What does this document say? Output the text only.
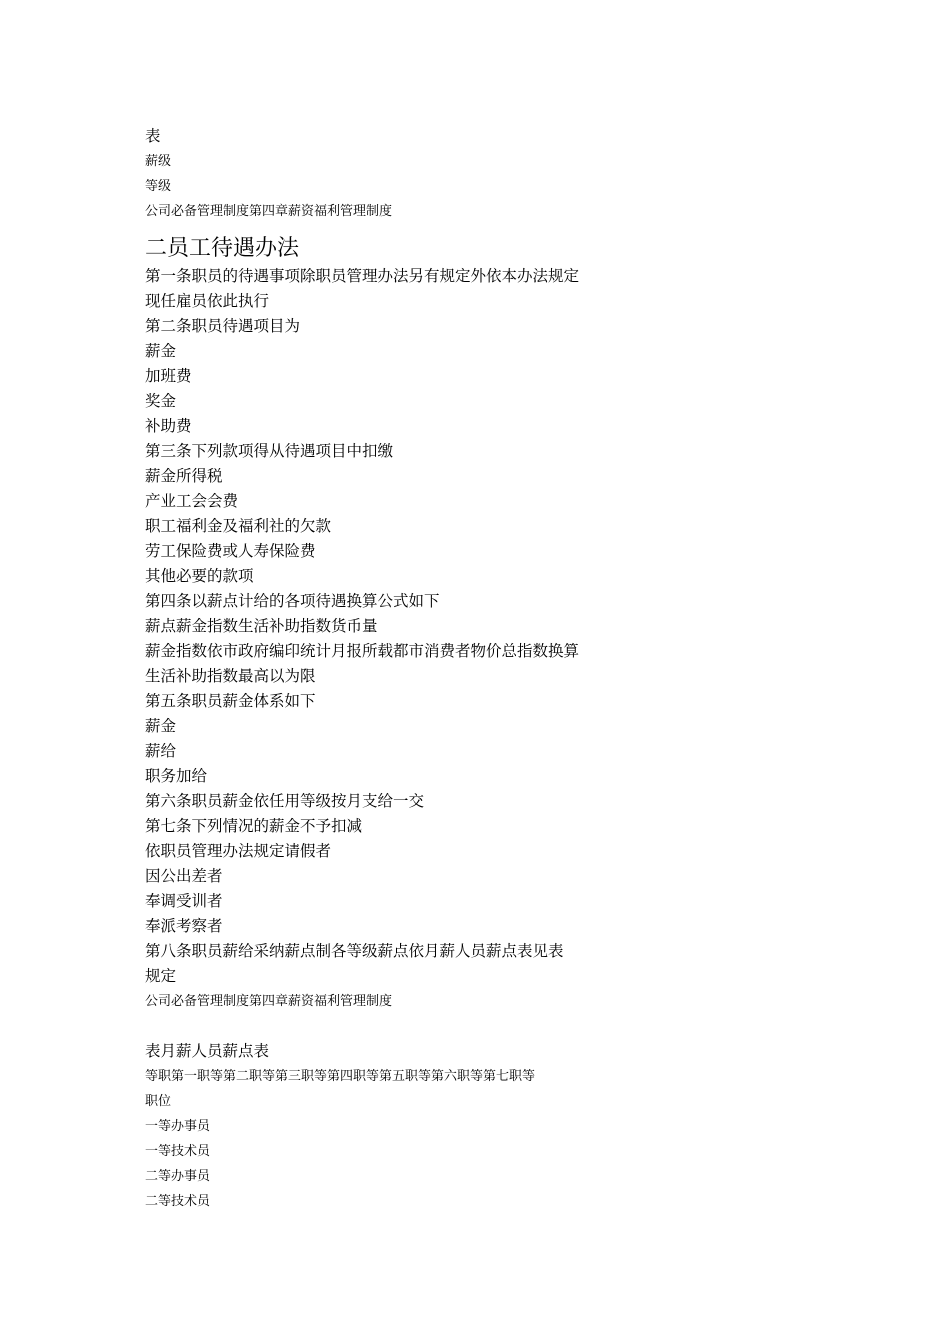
表
薪级
等级
公司必备管理制度第四章薪资福利管理制度
二员工待遇办法
第一条职员的待遇事项除职员管理办法另有规定外依本办法规定
现任雇员依此执行
第二条职员待遇项目为
薪金
加班费
奖金
补助费
第三条下列款项得从待遇项目中扣缴
薪金所得税
产业工会会费
职工福利金及福利社的欠款
劳工保险费或人寿保险费
其他必要的款项
第四条以薪点计给的各项待遇换算公式如下
薪点薪金指数生活补助指数货币量
薪金指数依市政府编印统计月报所载都市消费者物价总指数换算
生活补助指数最高以为限
第五条职员薪金体系如下
薪金
薪给
职务加给
第六条职员薪金依任用等级按月支给一交
第七条下列情况的薪金不予扣减
依职员管理办法规定请假者
因公出差者
奉调受训者
奉派考察者
第八条职员薪给采纳薪点制各等级薪点依月薪人员薪点表见表
规定
公司必备管理制度第四章薪资福利管理制度
表月薪人员薪点表
等职第一职等第二职等第三职等第四职等第五职等第六职等第七职等
职位
一等办事员
一等技术员
二等办事员
二等技术员
